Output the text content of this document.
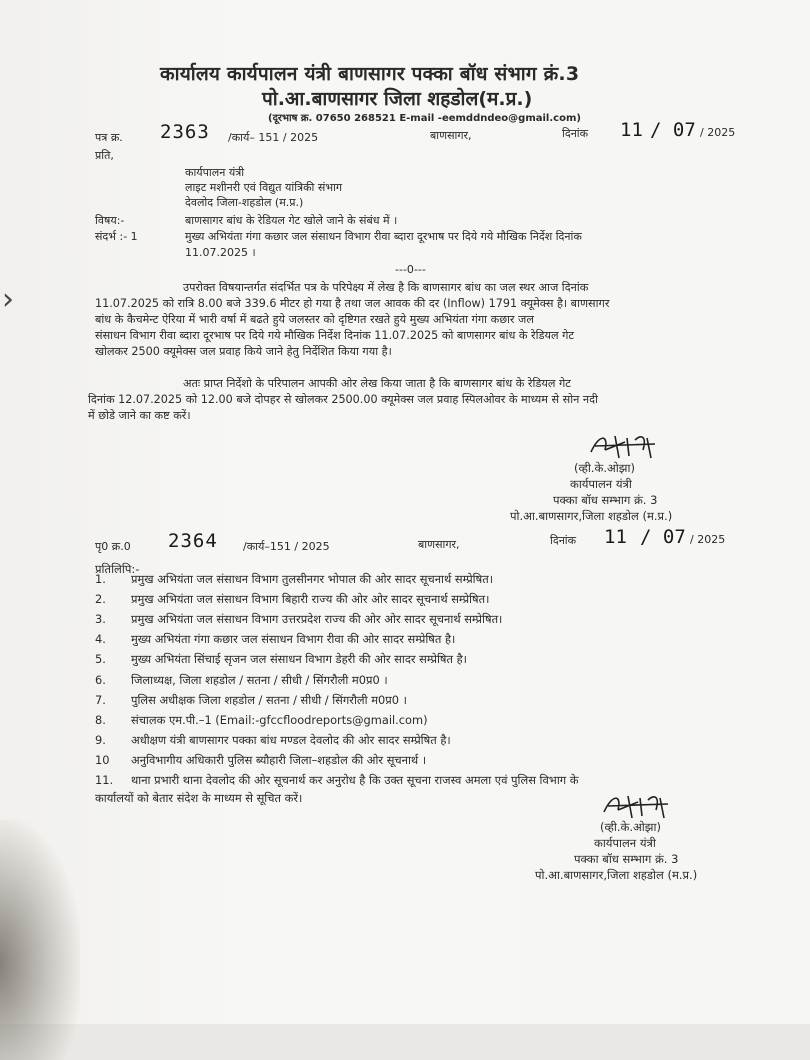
›
कार्यालय कार्यपालन यंत्री बाणसागर पक्का बॉध संभाग क्रं.3
पो.आ.बाणसागर जिला शहडोल(म.प्र.)
(दूरभाष क्र. 07650 268521 E-mail -eemddndeo@gmail.com)
पत्र क्र. 2363 /कार्य– 151 / 2025	बाणसागर,	दिनांक 11 / 07 / 2025
प्रति,
कार्यपालन यंत्री
लाइट मशीनरी एवं विद्युत यांत्रिकी संभाग
देवलोद जिला-शहडोल (म.प्र.)
विषय:-	बाणसागर बांध के रेडियल गेट खोले जाने के संबंध में ।
संदर्भ :- 1	मुख्य अभियंता गंगा कछार जल संसाधन विभाग रीवा ब्दारा दूरभाष पर दिये गये मौखिक निर्देश दिनांक
11.07.2025 ।
---0---
उपरोक्त विषयान्तर्गत संदर्भित पत्र के परिपेक्ष्य में लेख है कि बाणसागर बांध का जल स्थर आज दिनांक
11.07.2025 को रात्रि 8.00 बजे 339.6 मीटर हो गया है तथा जल आवक की दर (Inflow) 1791 क्यूमेक्स है। बाणसागर
बांध के कैचमेन्ट ऐरिया में भारी वर्षा में बढते हुये जलस्तर को दृष्टिगत रखते हुये मुख्य अभियंता गंगा कछार जल
संसाधन विभाग रीवा ब्दारा दूरभाष पर दिये गये मौखिक निर्देश दिनांक 11.07.2025 को बाणसागर बांध के रेडियल गेट
खोलकर 2500 क्यूमेक्स जल प्रवाह किये जाने हेतु निर्देशित किया गया है।
अतः प्राप्त निर्देशो के परिपालन आपकी ओर लेख किया जाता है कि बाणसागर बांध के रेडियल गेट
दिनांक 12.07.2025 को 12.00 बजे दोपहर से खोलकर 2500.00 क्यूमेक्स जल प्रवाह स्पिलओवर के माध्यम से सोन नदी
में छोडे जाने का कष्ट करें।
(व्ही.के.ओझा)
कार्यपालन यंत्री
पक्का बॉध सम्भाग क्रं. 3
पो.आ.बाणसागर,जिला शहडोल (म.प्र.)
पृ0 क्र.0 2364 /कार्य–151 / 2025	बाणसागर,	दिनांक 11 / 07 / 2025
प्रतिलिपि:-
1. प्रमुख अभियंता जल संसाधन विभाग तुलसीनगर भोपाल की ओर सादर सूचनार्थ सम्प्रेषित।
2. प्रमुख अभियंता जल संसाधन विभाग बिहारी राज्य की ओर ओर सादर सूचनार्थ सम्प्रेषित।
3. प्रमुख अभियंता जल संसाधन विभाग उत्तरप्रदेश राज्य की ओर ओर सादर सूचनार्थ सम्प्रेषित।
4. मुख्य अभियंता गंगा कछार जल संसाधन विभाग रीवा की ओर सादर सम्प्रेषित है।
5. मुख्य अभियंता सिंचाई सृजन जल संसाधन विभाग डेहरी की ओर सादर सम्प्रेषित है।
6. जिलाध्यक्ष, जिला शहडोल / सतना / सीधी / सिंगरौली म0प्र0 ।
7. पुलिस अधीक्षक जिला शहडोल / सतना / सीधी / सिंगरौली म0प्र0 ।
8. संचालक एम.पी.–1 (Email:-gfccfloodreports@gmail.com)
9. अधीक्षण यंत्री बाणसागर पक्का बांध मण्डल देवलोद की ओर सादर सम्प्रेषित है।
10 अनुविभागीय अधिकारी पुलिस ब्यौहारी जिला–शहडोल की ओर सूचनार्थ ।
11. थाना प्रभारी थाना देवलोद की ओर सूचनार्थ कर अनुरोध है कि उक्त सूचना राजस्व अमला एवं पुलिस विभाग के
कार्यालयों को बेतार संदेश के माध्यम से सूचित करें।
(व्ही.के.ओझा)
कार्यपालन यंत्री
पक्का बॉध सम्भाग क्रं. 3
पो.आ.बाणसागर,जिला शहडोल (म.प्र.)
